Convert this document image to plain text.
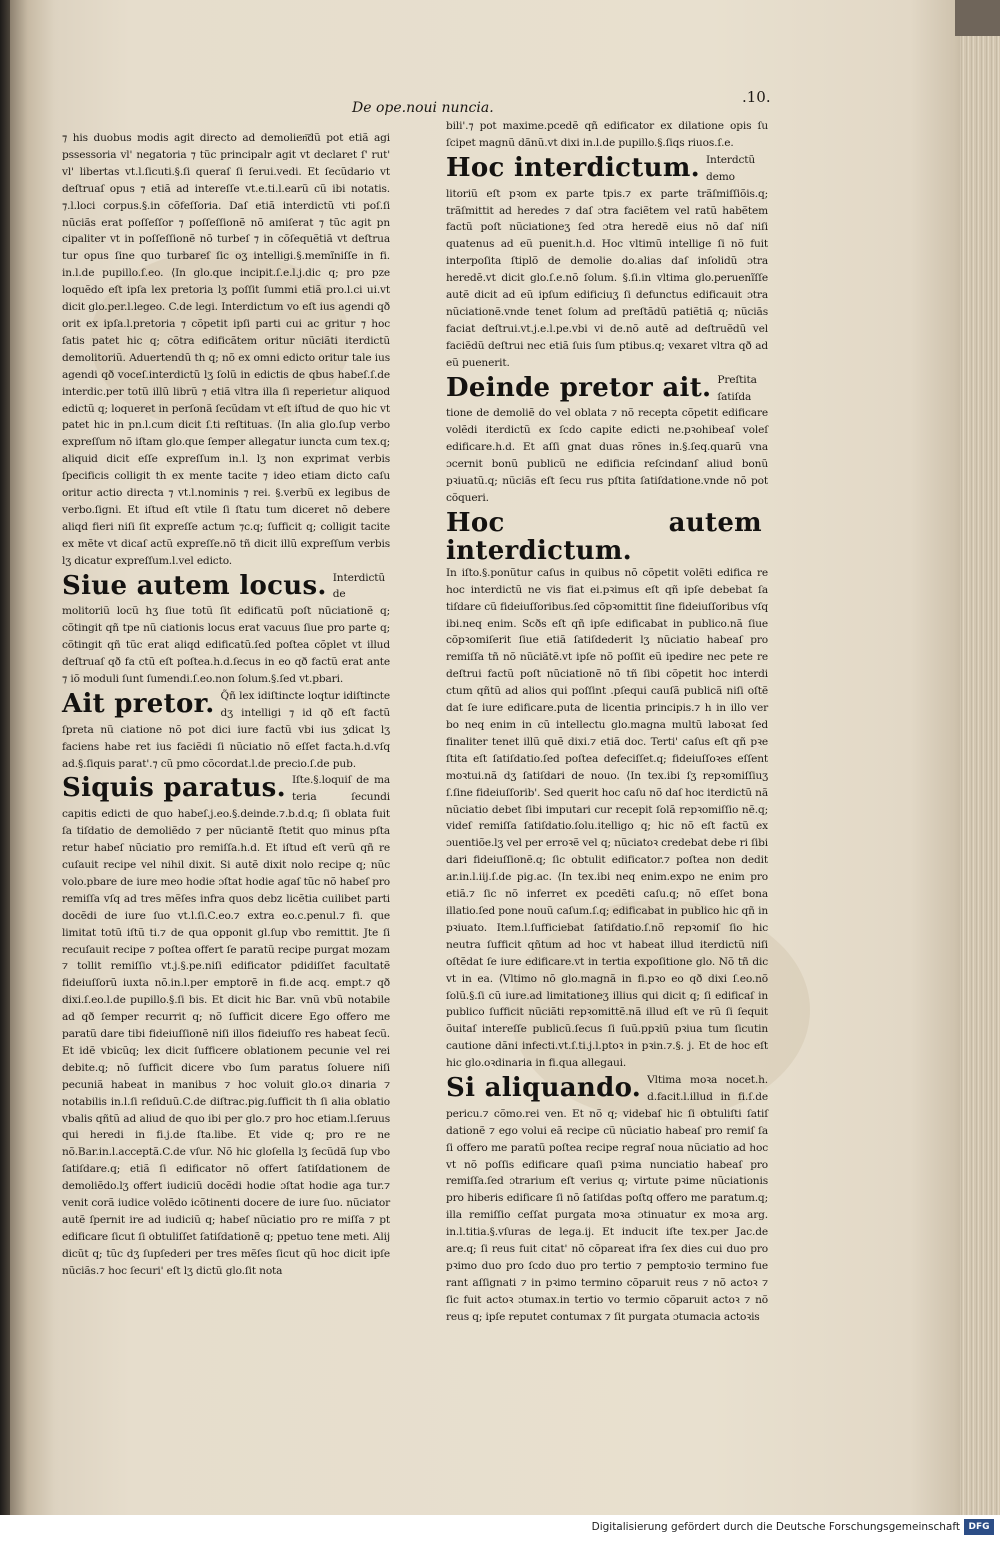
De ope.noui nuncia.
.10.

⁊ his duobus modis agit directo ad demolien͞dũ pot etiã agi pssessoria vl' negatoria ⁊ tũc principalr agit vt declaret ſ' rut' vl' libertas vt.l.ſicuti.§.ſi queraſ ſi ſerui.vedi. Et ſecũdario vt deſtruaſ opus ⁊ etiã ad intereſſe vt.e.ti.l.earũ cũ ibi notatis. ⁊.l.loci corpus.§.in cõfeſſoria. Daſ etiã interdictũ vti poſ.ſi nũciãs erat poſſeſſor ⁊ poſſeſſionẽ nõ amiſerat ⁊ tũc agit pn cipaliter vt in poſſeſſionẽ nõ turbeſ ⁊ in cõſequẽtiã vt deſtrua tur opus ſine quo turbareſ ſic oʒ intelligi.§.memĩniſſe in fi. in.l.de pupillo.ſ.eo. ⟨In glo.que incipit.ſ.e.l.j.dic q; pro pze loquẽdo eſt ipſa lex pretoria lʒ poſſit ſummi etiã pro.l.ci ui.vt dicit glo.per.l.legeo. C.de legi. Interdictum vo eſt ius agendi qð orit ex ipſa.l.pretoria ⁊ cõpetit ipſi parti cui ac gritur ⁊ hoc ſatis patet hic q; cõtra edificãtem oritur nũciãti iterdictũ demolitoriũ. Aduertendũ th q; nõ ex omni edicto oritur tale ius agendi qð voceſ.interdictũ lʒ ſolũ in edictis de qbus habeſ.ſ.de interdic.per totũ illũ librũ ⁊ etiã vltra illa ſi reperietur aliquod edictũ q; loqueret in perſonã ſecũdam vt eſt iſtud de quo hic vt patet hic in pn.l.cum dicit ſ.ti reſtituas. ⟨In alia glo.ſup verbo expreſſum nõ iſtam glo.que ſemper allegatur iuncta cum tex.q; aliquid dicit eſſe expreſſum in.l. lʒ non exprimat verbis ſpecificis colligit th ex mente tacite ⁊ ideo etiam dicto caſu oritur actio directa ⁊ vt.l.nominis ⁊ rei. §.verbũ ex legibus de verbo.ſigni. Et iſtud eſt vtile ſi ſtatu tum diceret nõ debere aliqd fieri niſi ſit expreſſe actum ⁊c.q; ſufficit q; colligit tacite ex mẽte vt dicaſ actũ expreſſe.nõ tñ dicit illũ expreſſum verbis lʒ dicatur expreſſum.l.vel edicto.

Siue autem locus. Interdictũ de molitoriũ locũ hʒ ſiue totũ ſit edificatũ poſt nũciationẽ q; cõtingit qñ tpe nũ ciationis locus erat vacuus ſiue pro parte q; cõtingit qñ tũc erat aliqd edificatũ.ſed poſtea cõplet vt illud deſtruaſ qð fa ctũ eſt poſtea.h.d.ſecus in eo qð factũ erat ante ⁊ iõ moduli ſunt ſumendi.ſ.eo.non ſolum.§.ſed vt.pbari.

Ait pretor. Q̃ñ lex idiſtincte loqtur idiſtincte dʒ intelligi ⁊ id qð eſt factũ ſpreta nũ ciatione nõ pot dici iure factũ vbi ius ʒdicat lʒ faciens habe ret ius faciẽdi ſi nũciatio nõ eſſet facta.h.d.vſq ad.§.ſiquis parat'.⁊ cũ pmo cõcordat.l.de precio.ſ.de pub.

Siquis paratus. Iſte.§.loquiſ de ma teria ſecundi capitis edicti de quo habeſ.j.eo.§.deinde.⁊.b.d.q; ſi oblata fuit ſa tiſdatio de demoliẽdo ⁊ per nũciantẽ ſtetit quo minus pſta retur habeſ nũciatio pro remiſſa.h.d. Et iſtud eſt verũ qñ re cuſauit recipe vel nihil dixit. Si autẽ dixit nolo recipe q; nũc volo.pbare de iure meo hodie ɔſtat hodie agaſ tũc nõ habeſ pro remiſſa vſq ad tres mẽſes infra quos debz licẽtia cuilibet parti docẽdi de iure ſuo vt.l.ſi.C.eo.⁊ extra eo.c.penul.⁊ fi. que limitat totũ iſtũ ti.⁊ de qua opponit gl.ſup vbo remittit. Jte ſi recuſauit recipe ⁊ poſtea offert ſe paratũ recipe purgat mozam ⁊ tollit remiſſio vt.j.§.pe.niſi edificator pdidiſſet facultatẽ fideiuſſorũ iuxta nõ.in.l.per emptorẽ in fi.de acq. empt.⁊ qð dixi.ſ.eo.l.de pupillo.§.ſi bis. Et dicit hic Bar. vnũ vbũ notabile ad qð ſemper recurrit q; nõ ſufficit dicere Ego offero me paratũ dare tibi fideiuſſionẽ niſi illos fideiuſſo res habeat ſecũ. Et idẽ vbicũq; lex dicit ſufficere oblationem pecunie vel rei debite.q; nõ ſufficit dicere vbo ſum paratus ſoluere niſi pecuniã habeat in manibus ⁊ hoc voluit glo.oꝛ dinaria ⁊ notabilis in.l.ſi reſiduũ.C.de diſtrac.pig.ſufficit th ſi alia oblatio vbalis qñtũ ad aliud de quo ibi per glo.⁊ pro hoc etiam.l.ſeruus qui heredi in fi.j.de ſta.libe. Et vide q; pro re ne nõ.Bar.in.l.acceptã.C.de vſur. Nõ hic gloſella lʒ ſecũdã ſup vbo ſatiſdare.q; etiã ſi edificator nõ offert ſatiſdationem de demoliẽdo.lʒ offert iudiciũ docẽdi hodie ɔſtat hodie aga tur.⁊ venit corã iudice volẽdo icõtinenti docere de iure ſuo. nũciator autẽ ſpernit ire ad iudiciũ q; habeſ nũciatio pro re miſſa ⁊ pt edificare ſicut ſi obtuliſſet ſatiſdationẽ q; ppetuo tene meti. Alij dicũt q; tũc dʒ ſupſederi per tres mẽſes ſicut qũ hoc dicit ipſe nũciãs.⁊ hoc ſecuri' eſt lʒ dictũ glo.ſit nota

bili'.⁊ pot maxime.pcedẽ qñ edificator ex dilatione opis ſu ſcipet magnũ dãnũ.vt dixi in.l.de pupillo.§.ſiqs riuos.ſ.e.

Hoc interdictum. Interdctũ demo litoriũ eſt pꝛom ex parte tpis.⁊ ex parte trãſmiſſiõis.q; trãſmittit ad heredes ⁊ daſ ɔtra faciẽtem vel ratũ habẽtem factũ poſt nũciationeʒ ſed ɔtra heredẽ eius nõ daſ niſi quatenus ad eũ puenit.h.d. Hoc vltimũ intellige ſi nõ fuit interpoſita ſtiplõ de demolie do.alias daſ inſolidũ ɔtra heredẽ.vt dicit glo.ſ.e.nõ ſolum. §.ſi.in vltima glo.peruenĩſſe autẽ dicit ad eũ ipſum edificiuʒ ſi defunctus edificauit ɔtra nũciationẽ.vnde tenet ſolum ad preſtãdũ patiẽtiã q; nũciãs faciat deſtrui.vt.j.e.l.pe.vbi vi de.nõ autẽ ad deſtruẽdũ vel faciẽdũ deſtrui nec etiã ſuis ſum ptibus.q; vexaret vltra qð ad eũ puenerit.

Deinde pretor ait. Preſtita ſatiſda tione de demoliẽ do vel oblata ⁊ nõ recepta cõpetit edificare volẽdi iterdictũ ex ſcdo capite edicti ne.pꝛohibeaſ voleſ edificare.h.d. Et aſſi gnat duas rõnes in.§.ſeq.quarũ vna ɔcernit bonũ publicũ ne edificia reſcindanſ aliud bonũ pꝛiuatũ.q; nũciãs eſt ſecu rus pſtita ſatiſdatione.vnde nõ pot cõqueri.

Hoc autem interdictum.

In iſto.§.ponũtur caſus in quibus nõ cõpetit volẽti edifica re hoc interdictũ ne vis fiat ei.pꝛimus eſt qñ ipſe debebat ſa tiſdare cũ fideiuſſoribus.ſed cõpꝛomittit ſine fideiuſſoribus vſq ibi.neq enim. Scðs eſt qñ ipſe edificabat in publico.nã ſiue cõpꝛomiſerit ſiue etiã ſatiſdederit lʒ nũciatio habeaſ pro remiſſa tñ nõ nũciãtẽ.vt ipſe nõ poſſit eũ ipedire nec pete re deſtrui factũ poſt nũciationẽ nõ tñ ſibi cõpetit hoc interdi ctum qñtũ ad alios qui poſſint .pſequi cauſã publicã niſi oſtẽ dat ſe iure edificare.puta de licentia principis.⁊ h in illo ver bo neq enim in cũ intellectu glo.magna multũ laboꝛat ſed finaliter tenet illũ quẽ dixi.⁊ etiã doc. Terti' caſus eſt qñ pꝛe ſtita eſt ſatiſdatio.ſed poſtea defeciſſet.q; fideiuſſoꝛes eſſent moꝛtui.nã dʒ ſatiſdari de nouo. ⟨In tex.ibi ſʒ repꝛomiſſiuʒ ſ.ſine fideiuſſorib'. Sed querit hoc caſu nõ daſ hoc iterdictũ nã nũciatio debet ſibi imputari cur recepit ſolã repꝛomiſſio nẽ.q; videſ remiſſa ſatiſdatio.ſolu.itelligo q; hic nõ eſt factũ ex ɔuentiõe.lʒ vel per erroꝛẽ vel q; nũciatoꝛ credebat debe ri ſibi dari fideiuſſionẽ.q; ſic obtulit edificator.⁊ poſtea non dedit ar.in.l.iij.ſ.de pig.ac. ⟨In tex.ibi neq enim.expo ne enim pro etiã.⁊ ſic nõ inferret ex pcedẽti caſu.q; nõ eſſet bona illatio.ſed pone nouũ caſum.ſ.q; edificabat in publico hic qñ in pꝛiuato. Item.l.ſufficiebat ſatiſdatio.ſ.nõ repꝛomiſ ſio hic neutra ſufficit qñtum ad hoc vt habeat illud iterdictũ niſi oſtẽdat ſe iure edificare.vt in tertia expoſitione glo. Nõ tñ dic vt in ea. ⟨Vltimo nõ glo.magnã in fi.pꝛo eo qð dixi ſ.eo.nõ ſolũ.§.ſi cũ iure.ad limitationeʒ illius qui dicit q; ſi edificaſ in publico ſufficit nũciãti repꝛomittẽ.nã illud eſt ve rũ ſi ſequit õuitaſ intereſſe publicũ.ſecus ſi ſuũ.ppꝛiũ pꝛiua tum ſicutin cautione dãni infecti.vt.ſ.ti.j.l.ptoꝛ in pꝛin.⁊.§. j. Et de hoc eſt hic glo.oꝛdinaria in fi.qua allegaui.

Si aliquando. Vltima moꝛa nocet.h. d.facit.l.illud in fi.ſ.de pericu.⁊ cõmo.rei ven. Et nõ q; videbaſ hic ſi obtuliſti ſatiſ dationẽ ⁊ ego volui eã recipe cũ nũciatio habeaſ pro remiſ ſa ſi offero me paratũ poſtea recipe regraſ noua nũciatio ad hoc vt nõ poſſis edificare quaſi pꝛima nunciatio habeaſ pro remiſſa.ſed ɔtrarium eſt verius q; virtute pꝛime nũciationis pro hiberis edificare ſi nõ ſatiſdas poſtq offero me paratum.q; illa remiſſio ceſſat purgata moꝛa ɔtinuatur ex moꝛa arg. in.l.titia.§.vſuras de lega.ij. Et inducit iſte tex.per Jac.de are.q; ſi reus fuit citat' nõ cõpareat ifra ſex dies cui duo pro pꝛimo duo pro ſcdo duo pro tertio ⁊ pemptoꝛio termino fue rant aſſignati ⁊ in pꝛimo termino cõparuit reus ⁊ nõ actoꝛ ⁊ ſic fuit actoꝛ ɔtumax.in tertio vo termio cõparuit actoꝛ ⁊ nõ reus q; ipſe reputet contumax ⁊ ſit purgata ɔtumacia actoꝛis

Digitalisierung gefördert durch die Deutsche Forschungsgemeinschaft DFG
